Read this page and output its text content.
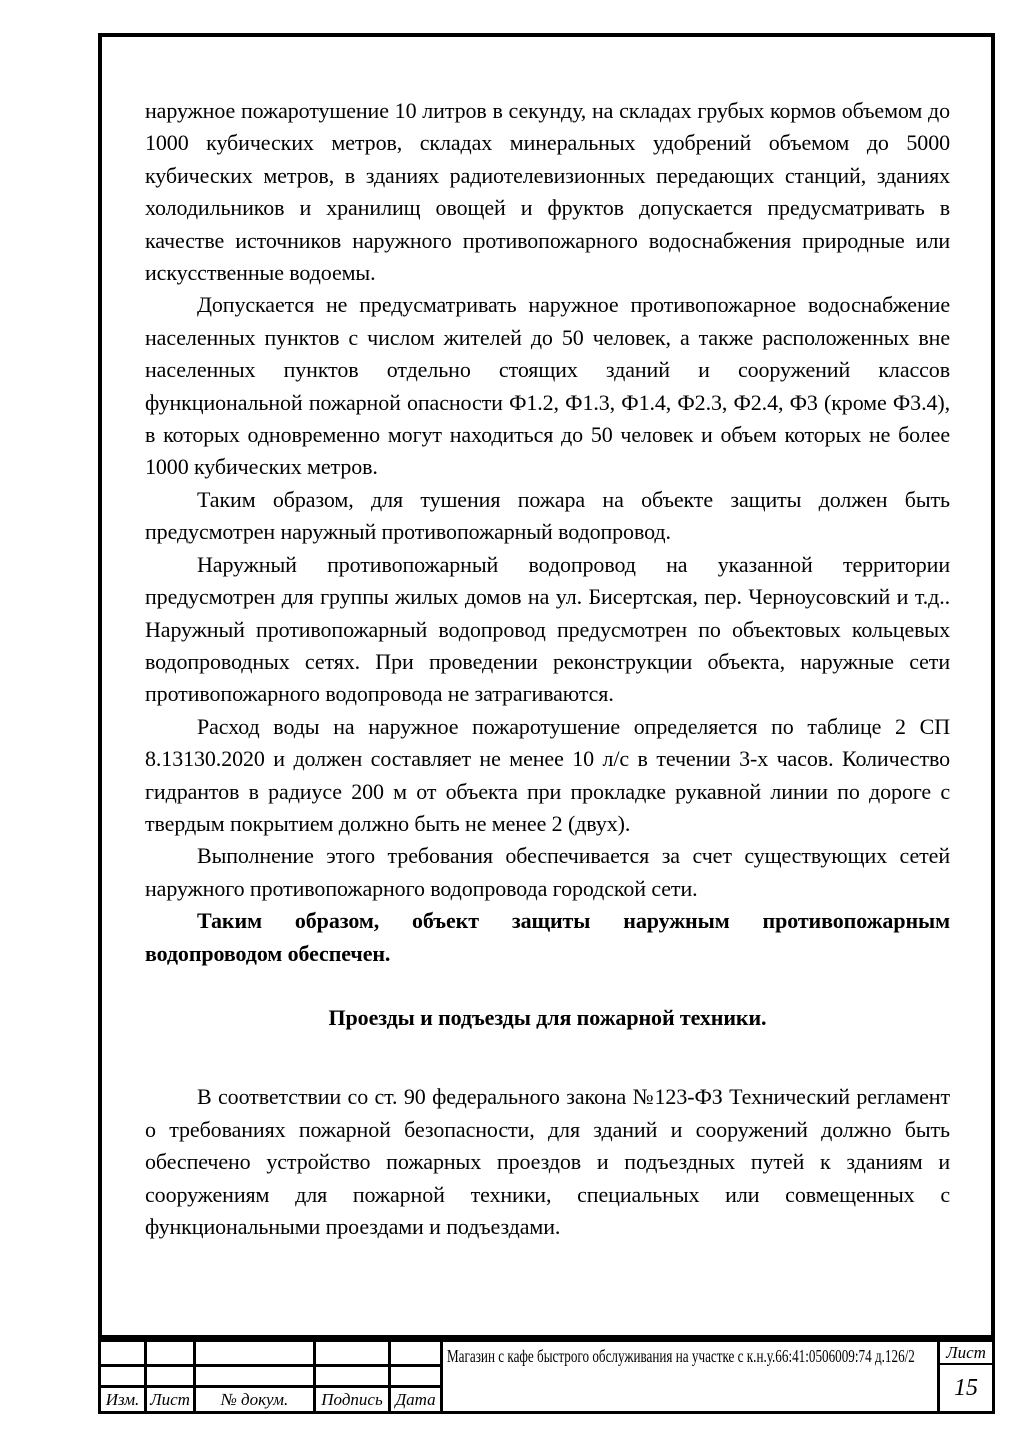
наружное пожаротушение 10 литров в секунду, на складах грубых кормов объемом до 1000 кубических метров, складах минеральных удобрений объемом до 5000 кубических метров, в зданиях радиотелевизионных передающих станций, зданиях холодильников и хранилищ овощей и фруктов допускается предусматривать в качестве источников наружного противопожарного водоснабжения природные или искусственные водоемы.

Допускается не предусматривать наружное противопожарное водоснабжение населенных пунктов с числом жителей до 50 человек, а также расположенных вне населенных пунктов отдельно стоящих зданий и сооружений классов функциональной пожарной опасности Ф1.2, Ф1.3, Ф1.4, Ф2.3, Ф2.4, Ф3 (кроме Ф3.4), в которых одновременно могут находиться до 50 человек и объем которых не более 1000 кубических метров.

Таким образом, для тушения пожара на объекте защиты должен быть предусмотрен наружный противопожарный водопровод.

Наружный противопожарный водопровод на указанной территории предусмотрен для группы жилых домов на ул. Бисертская, пер. Черноусовский и т.д.. Наружный противопожарный водопровод предусмотрен по объектовых кольцевых водопроводных сетях. При проведении реконструкции объекта, наружные сети противопожарного водопровода не затрагиваются.

Расход воды на наружное пожаротушение определяется по таблице 2 СП 8.13130.2020 и должен составляет не менее 10 л/с в течении 3-х часов. Количество гидрантов в радиусе 200 м от объекта при прокладке рукавной линии по дороге с твердым покрытием должно быть не менее 2 (двух).

Выполнение этого требования обеспечивается за счет существующих сетей наружного противопожарного водопровода городской сети.

Таким образом, объект защиты наружным противопожарным водопроводом обеспечен.

Проезды и подъезды для пожарной техники.

В соответствии со ст. 90 федерального закона №123-ФЗ Технический регламент о требованиях пожарной безопасности, для зданий и сооружений должно быть обеспечено устройство пожарных проездов и подъездных путей к зданиям и сооружениям для пожарной техники, специальных или совмещенных с функциональными проездами и подъездами.

Изм. Лист	№ докум.	Подпись Дата
Магазин с кафе быстрого обслуживания на участке с к.н.у.66:41:0506009:74 д.126/2	Лист
15
